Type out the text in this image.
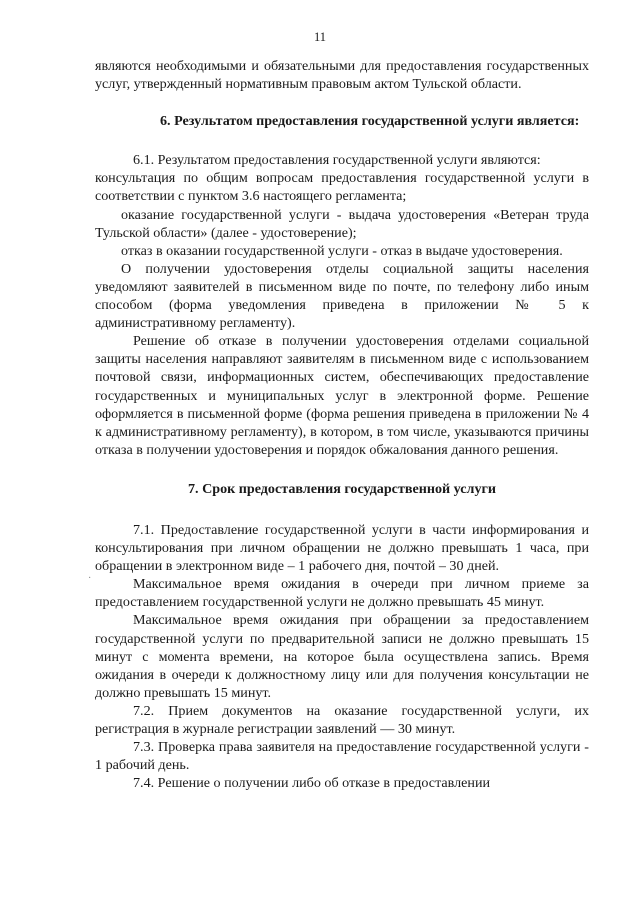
11

являются необходимыми и обязательными для предоставления государственных услуг, утвержденный нормативным правовым актом Тульской области.

6. Результатом предоставления государственной услуги является:

6.1. Результатом предоставления государственной услуги являются:

консультация по общим вопросам предоставления государственной услуги в соответствии с пунктом 3.6 настоящего регламента;

оказание государственной услуги - выдача удостоверения «Ветеран труда Тульской области» (далее - удостоверение);

отказ в оказании государственной услуги - отказ в выдаче удостоверения.

О получении удостоверения отделы социальной защиты населения уведомляют заявителей в письменном виде по почте, по телефону либо иным способом (форма уведомления приведена в приложении № 5 к административному регламенту).

Решение об отказе в получении удостоверения отделами социальной защиты населения направляют заявителям в письменном виде с использованием почтовой связи, информационных систем, обеспечивающих предоставление государственных и муниципальных услуг в электронной форме. Решение оформляется в письменной форме (форма решения приведена в приложении № 4 к административному регламенту), в котором, в том числе, указываются причины отказа в получении удостоверения и порядок обжалования данного решения.

7. Срок предоставления государственной услуги

7.1. Предоставление государственной услуги в части информирования и консультирования при личном обращении не должно превышать 1 часа, при обращении в электронном виде – 1 рабочего дня, почтой – 30 дней.

Максимальное время ожидания в очереди при личном приеме за предоставлением государственной услуги не должно превышать 45 минут.

Максимальное время ожидания при обращении за предоставлением государственной услуги по предварительной записи не должно превышать 15 минут с момента времени, на которое была осуществлена запись. Время ожидания в очереди к должностному лицу или для получения консультации не должно превышать 15 минут.

7.2. Прием документов на оказание государственной услуги, их регистрация в журнале регистрации заявлений — 30 минут.

7.3. Проверка права заявителя на предоставление государственной услуги - 1 рабочий день.

7.4. Решение о получении либо об отказе в предоставлении

·
